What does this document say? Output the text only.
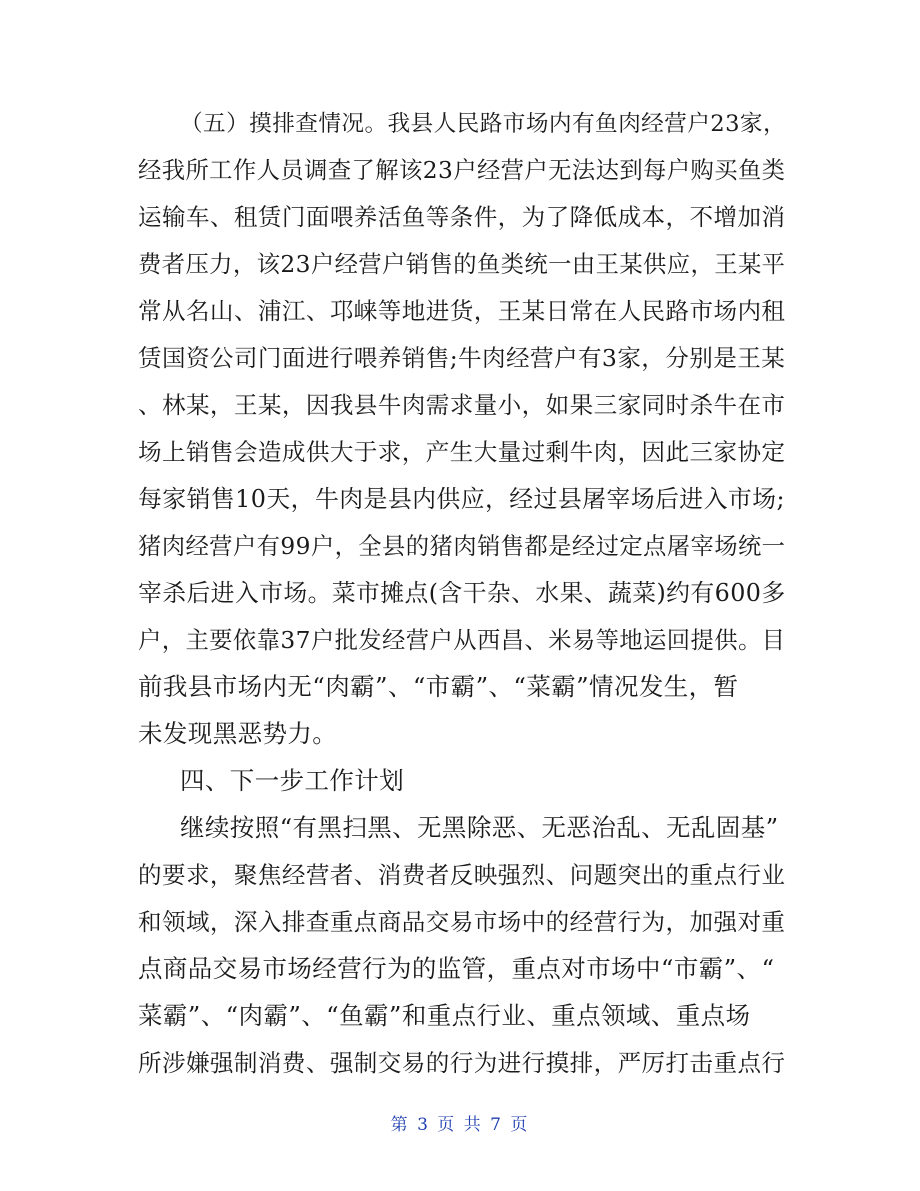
（五）摸排查情况。我县人民路市场内有鱼肉经营户23家，
经我所工作人员调查了解该23户经营户无法达到每户购买鱼类
运输车、租赁门面喂养活鱼等条件，为了降低成本，不增加消
费者压力，该23户经营户销售的鱼类统一由王某供应，王某平
常从名山、浦江、邛崃等地进货，王某日常在人民路市场内租
赁国资公司门面进行喂养销售;牛肉经营户有3家，分别是王某
、林某，王某，因我县牛肉需求量小，如果三家同时杀牛在市
场上销售会造成供大于求，产生大量过剩牛肉，因此三家协定
每家销售10天，牛肉是县内供应，经过县屠宰场后进入市场;
猪肉经营户有99户，全县的猪肉销售都是经过定点屠宰场统一
宰杀后进入市场。菜市摊点(含干杂、水果、蔬菜)约有600多
户，主要依靠37户批发经营户从西昌、米易等地运回提供。目
前我县市场内无“肉霸”、“市霸”、“菜霸”情况发生，暂
未发现黑恶势力。
四、下一步工作计划
继续按照“有黑扫黑、无黑除恶、无恶治乱、无乱固基”
的要求，聚焦经营者、消费者反映强烈、问题突出的重点行业
和领域，深入排查重点商品交易市场中的经营行为，加强对重
点商品交易市场经营行为的监管，重点对市场中“市霸”、“
菜霸”、“肉霸”、“鱼霸”和重点行业、重点领域、重点场
所涉嫌强制消费、强制交易的行为进行摸排，严厉打击重点行
第 3 页 共 7 页
